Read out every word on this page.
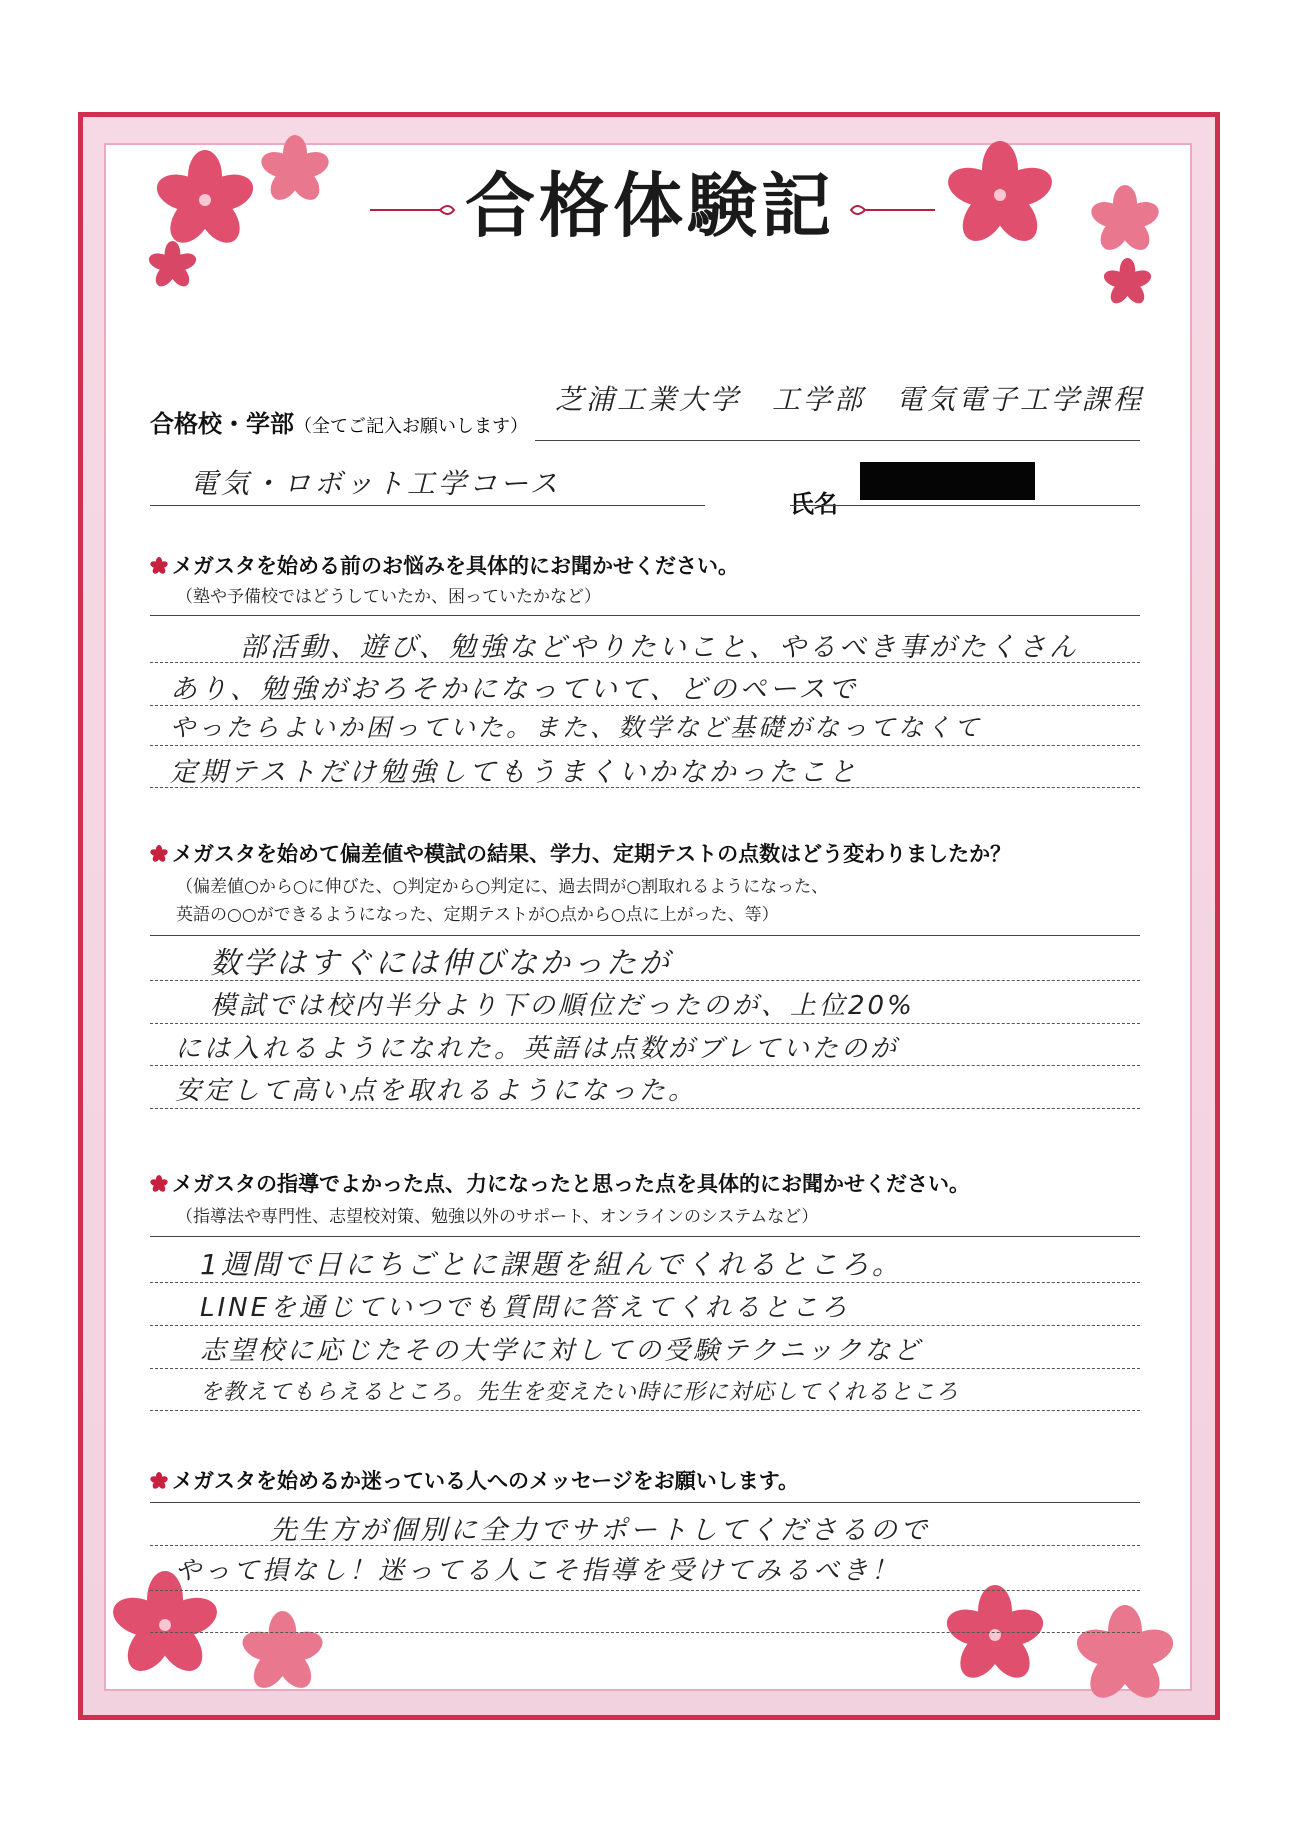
合格体験記
合格校・学部（全てご記入お願いします）
芝浦工業大学　工学部　電気電子工学課程
電気・ロボット工学コース
氏名
メガスタを始める前のお悩みを具体的にお聞かせください。
（塾や予備校ではどうしていたか、困っていたかなど）
部活動、遊び、勉強などやりたいこと、やるべき事がたくさん
あり、勉強がおろそかになっていて、どのペースで
やったらよいか困っていた。また、数学など基礎がなってなくて
定期テストだけ勉強してもうまくいかなかったこと
メガスタを始めて偏差値や模試の結果、学力、定期テストの点数はどう変わりましたか？
（偏差値○から○に伸びた、○判定から○判定に、過去問が○割取れるようになった、
英語の○○ができるようになった、定期テストが○点から○点に上がった、等）
数学はすぐには伸びなかったが
模試では校内半分より下の順位だったのが、上位20%
には入れるようになれた。英語は点数がブレていたのが
安定して高い点を取れるようになった。
メガスタの指導でよかった点、力になったと思った点を具体的にお聞かせください。
（指導法や専門性、志望校対策、勉強以外のサポート、オンラインのシステムなど）
1週間で日にちごとに課題を組んでくれるところ。
LINEを通じていつでも質問に答えてくれるところ
志望校に応じたその大学に対しての受験テクニックなど
を教えてもらえるところ。先生を変えたい時に形に対応してくれるところ
メガスタを始めるか迷っている人へのメッセージをお願いします。
先生方が個別に全力でサポートしてくださるので
やって損なし！迷ってる人こそ指導を受けてみるべき！
